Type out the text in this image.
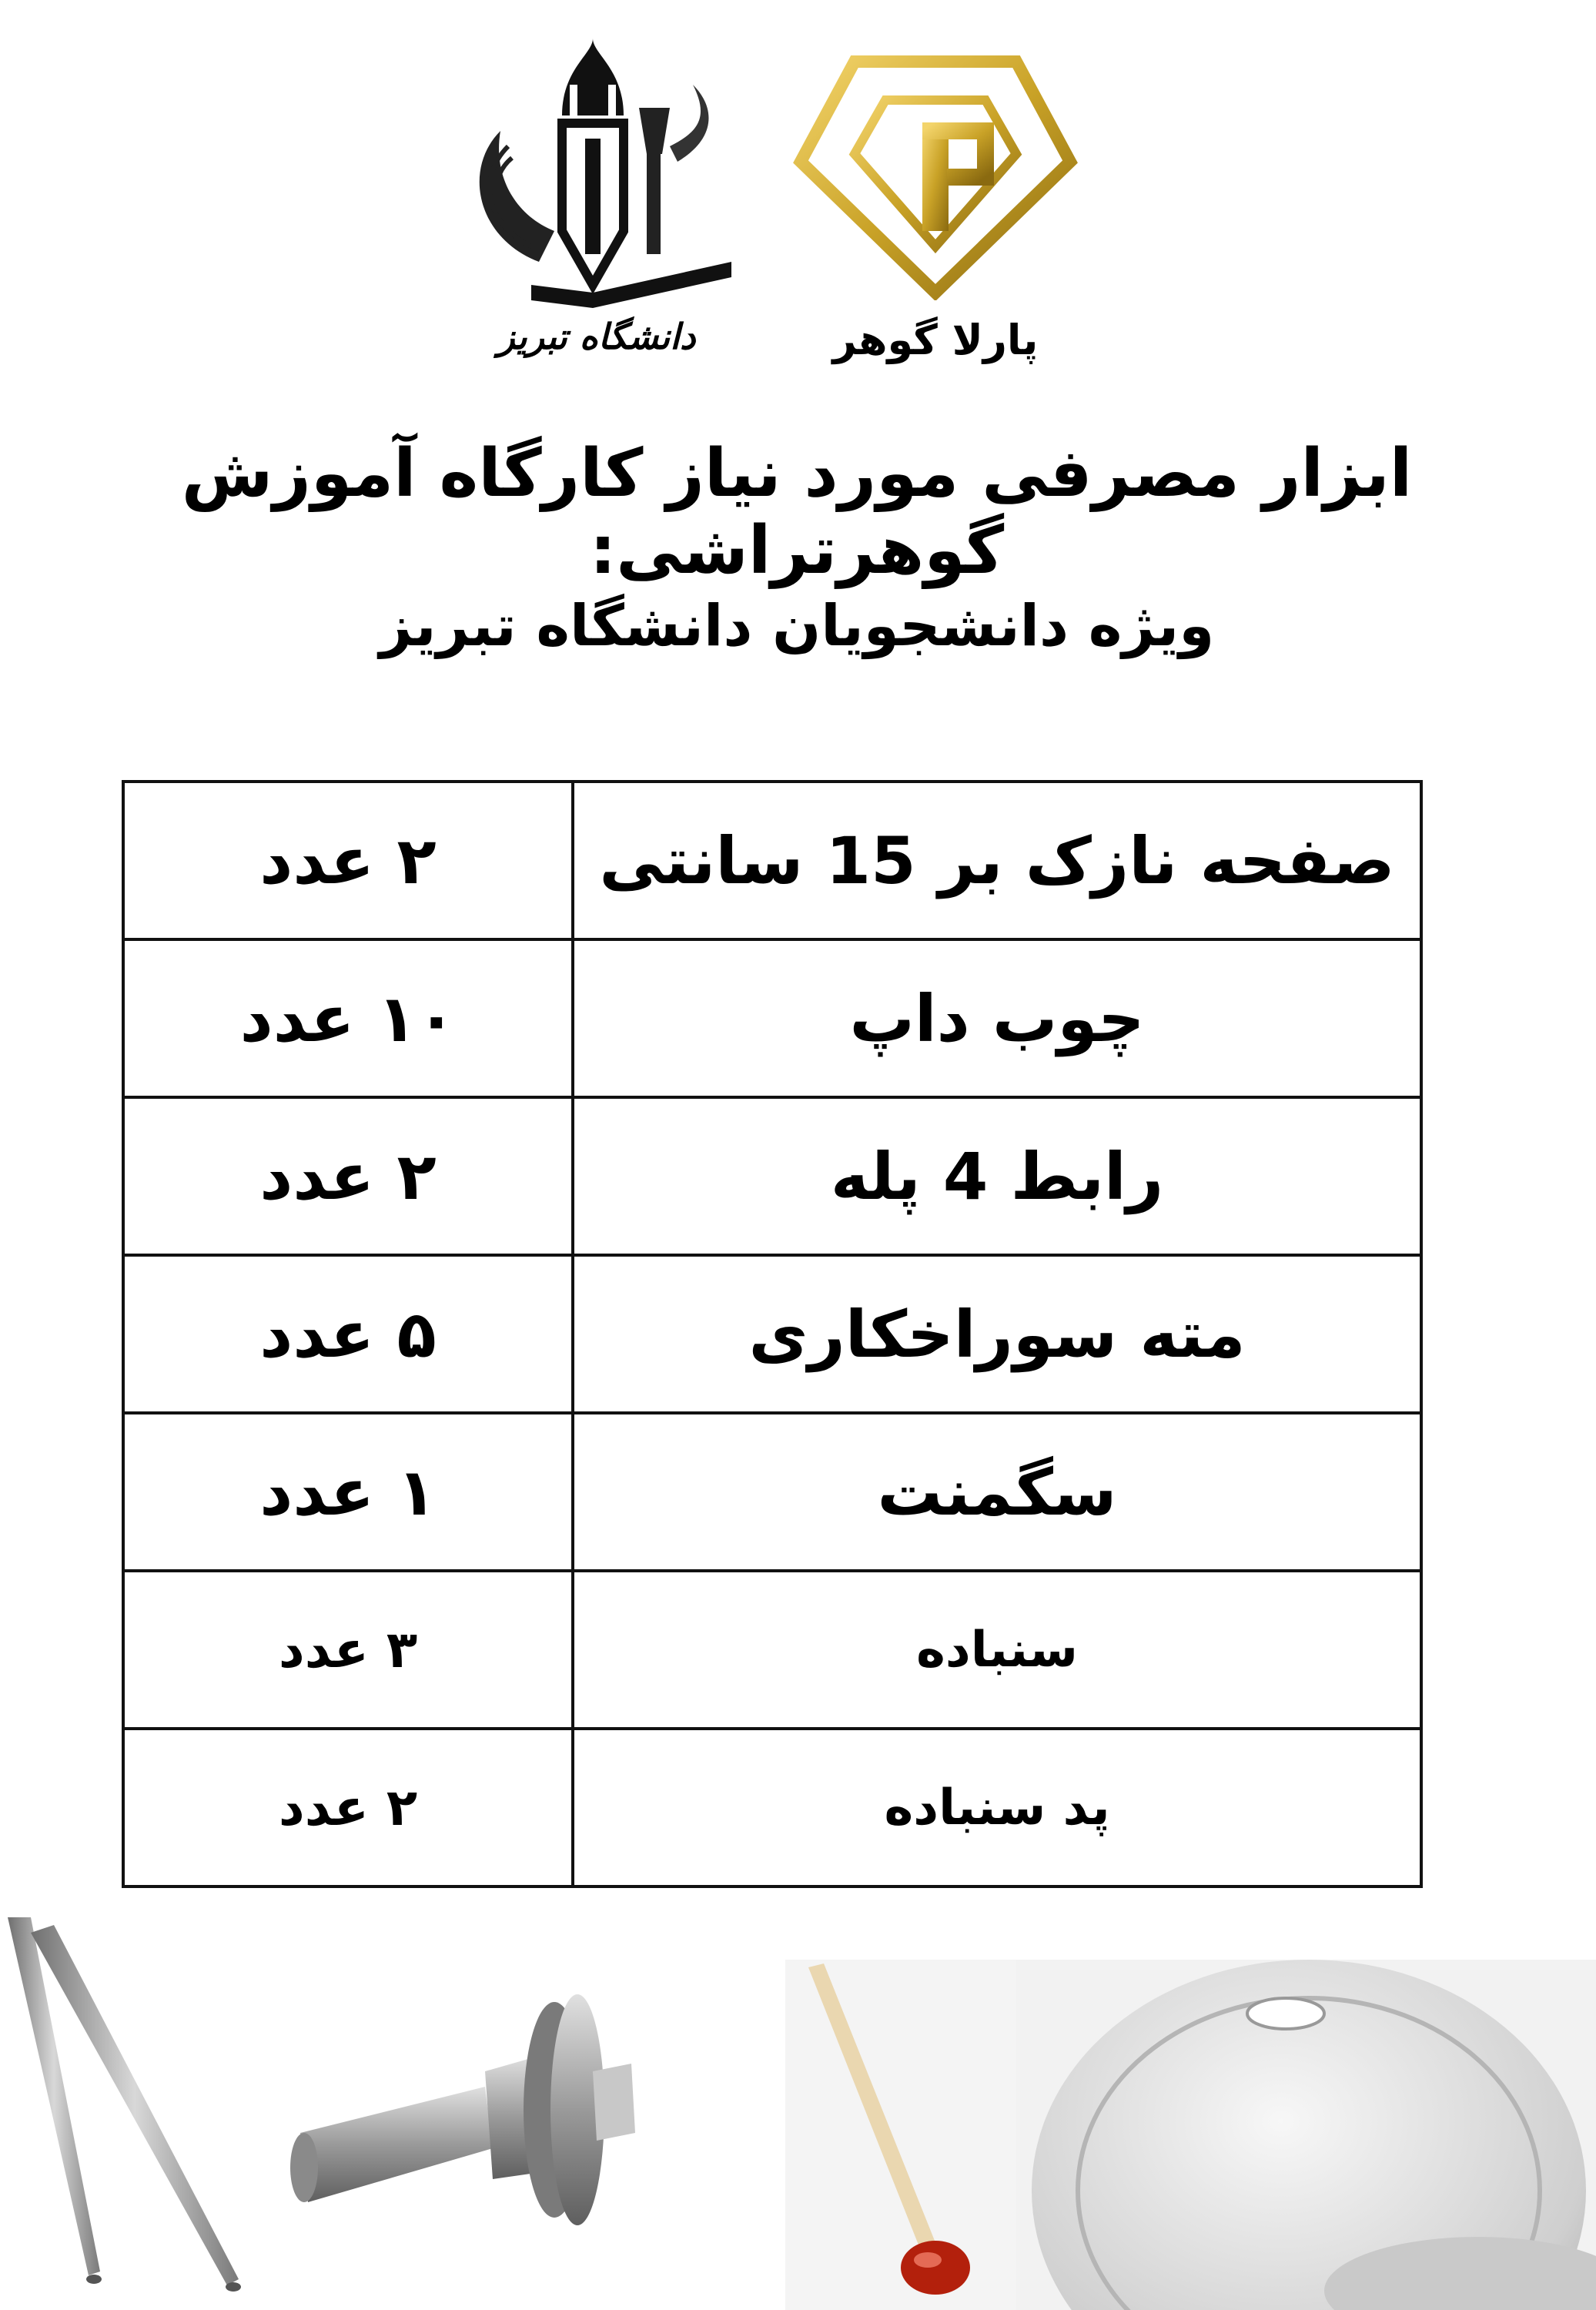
دانشگاه تبریز	پارلا گوهر
ابزار مصرفی مورد نیاز کارگاه آموزش گوهرتراشی:
ویژه دانشجویان دانشگاه تبریز
صفحه نازک بر 15 سانتی	۲ عدد
چوب داپ	۱۰ عدد
رابط 4 پله	۲ عدد
مته سوراخکاری	۵ عدد
سگمنت	۱ عدد
سنباده	۳ عدد
پد سنباده	۲ عدد
